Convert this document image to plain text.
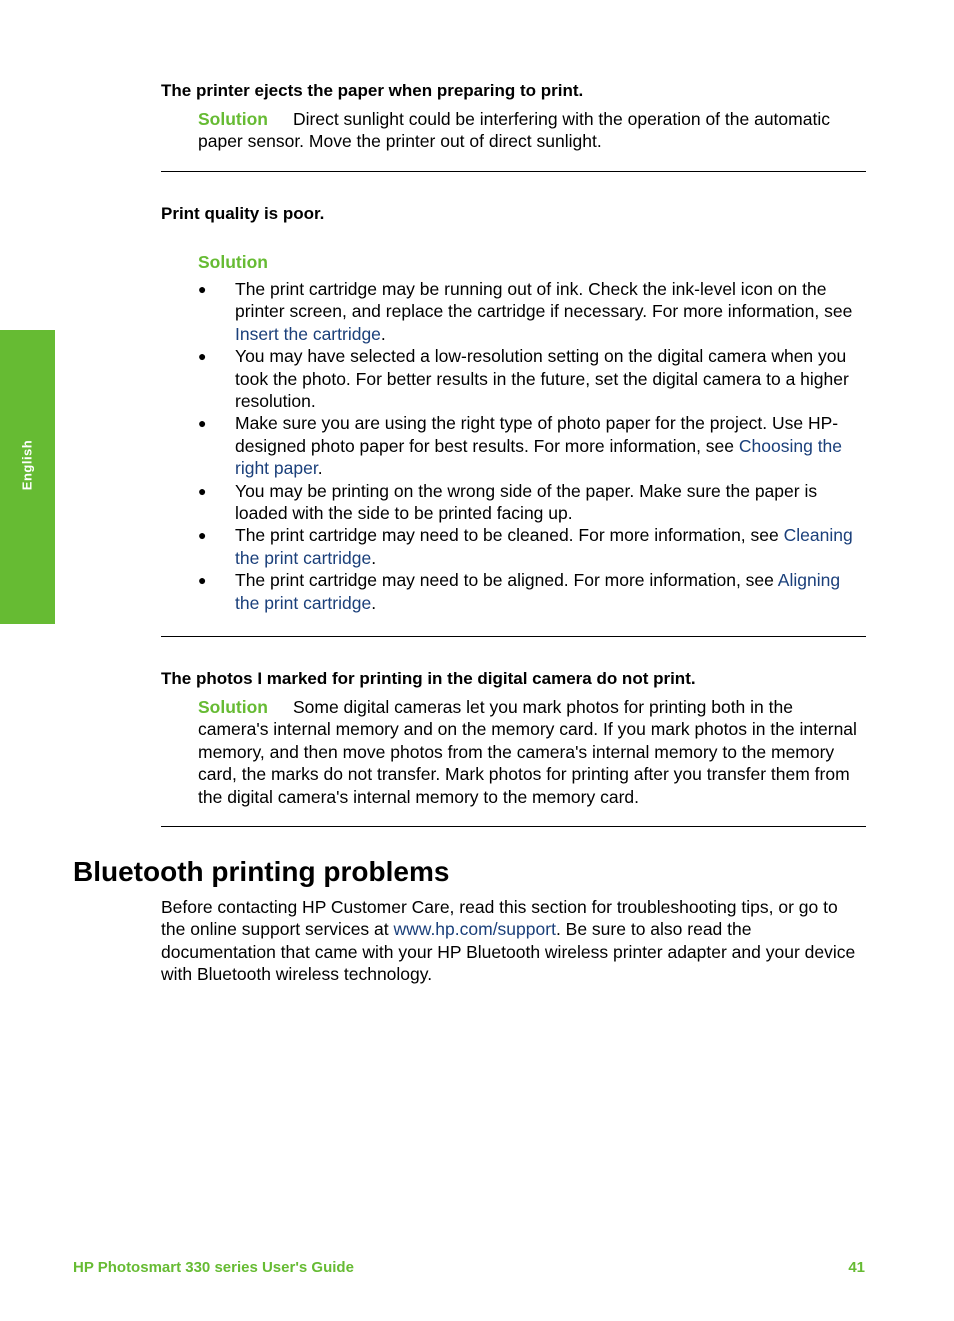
English
The printer ejects the paper when preparing to print.

Solution Direct sunlight could be interfering with the operation of the automatic paper sensor. Move the printer out of direct sunlight.

Print quality is poor.
Solution
● The print cartridge may be running out of ink. Check the ink-level icon on the printer screen, and replace the cartridge if necessary. For more information, see Insert the cartridge.
● You may have selected a low-resolution setting on the digital camera when you took the photo. For better results in the future, set the digital camera to a higher resolution.
● Make sure you are using the right type of photo paper for the project. Use HP-designed photo paper for best results. For more information, see Choosing the right paper.
● You may be printing on the wrong side of the paper. Make sure the paper is loaded with the side to be printed facing up.
● The print cartridge may need to be cleaned. For more information, see Cleaning the print cartridge.
● The print cartridge may need to be aligned. For more information, see Aligning the print cartridge.
The photos I marked for printing in the digital camera do not print.

Solution Some digital cameras let you mark photos for printing both in the camera's internal memory and on the memory card. If you mark photos in the internal memory, and then move photos from the camera's internal memory to the memory card, the marks do not transfer. Mark photos for printing after you transfer them from the digital camera's internal memory to the memory card.

Bluetooth printing problems

Before contacting HP Customer Care, read this section for troubleshooting tips, or go to the online support services at www.hp.com/support. Be sure to also read the documentation that came with your HP Bluetooth wireless printer adapter and your device with Bluetooth wireless technology.

HP Photosmart 330 series User's Guide	41
